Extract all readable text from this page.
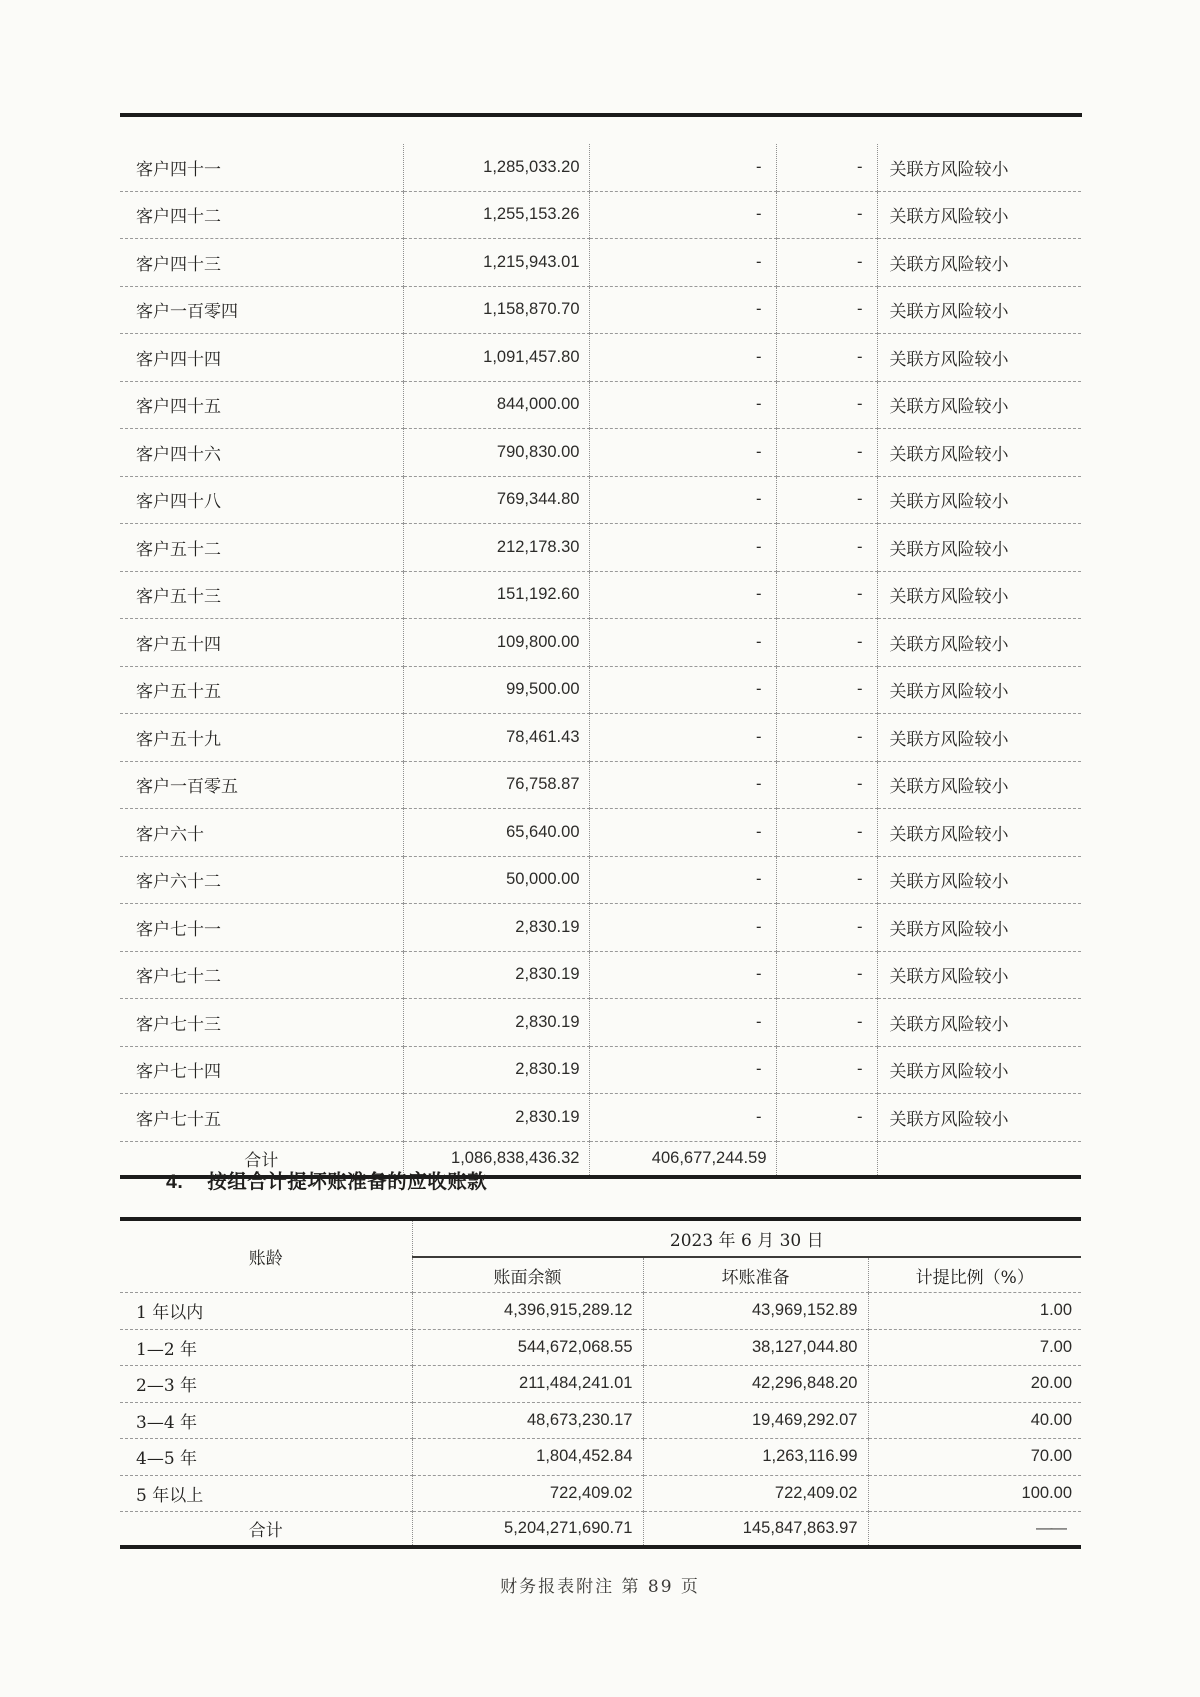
客户四十一	1,285,033.20	-	-	关联方风险较小
客户四十二	1,255,153.26	-	-	关联方风险较小
客户四十三	1,215,943.01	-	-	关联方风险较小
客户一百零四	1,158,870.70	-	-	关联方风险较小
客户四十四	1,091,457.80	-	-	关联方风险较小
客户四十五	844,000.00	-	-	关联方风险较小
客户四十六	790,830.00	-	-	关联方风险较小
客户四十八	769,344.80	-	-	关联方风险较小
客户五十二	212,178.30	-	-	关联方风险较小
客户五十三	151,192.60	-	-	关联方风险较小
客户五十四	109,800.00	-	-	关联方风险较小
客户五十五	99,500.00	-	-	关联方风险较小
客户五十九	78,461.43	-	-	关联方风险较小
客户一百零五	76,758.87	-	-	关联方风险较小
客户六十	65,640.00	-	-	关联方风险较小
客户六十二	50,000.00	-	-	关联方风险较小
客户七十一	2,830.19	-	-	关联方风险较小
客户七十二	2,830.19	-	-	关联方风险较小
客户七十三	2,830.19	-	-	关联方风险较小
客户七十四	2,830.19	-	-	关联方风险较小
客户七十五	2,830.19	-	-	关联方风险较小
合计	1,086,838,436.32	406,677,244.59		
4. 按组合计提坏账准备的应收账款
账龄	2023 年 6 月 30 日		
	账面余额	坏账准备	计提比例（%）
1 年以内	4,396,915,289.12	43,969,152.89	1.00
1—2 年	544,672,068.55	38,127,044.80	7.00
2—3 年	211,484,241.01	42,296,848.20	20.00
3—4 年	48,673,230.17	19,469,292.07	40.00
4—5 年	1,804,452.84	1,263,116.99	70.00
5 年以上	722,409.02	722,409.02	100.00
合计	5,204,271,690.71	145,847,863.97	——
财务报表附注 第 89 页
